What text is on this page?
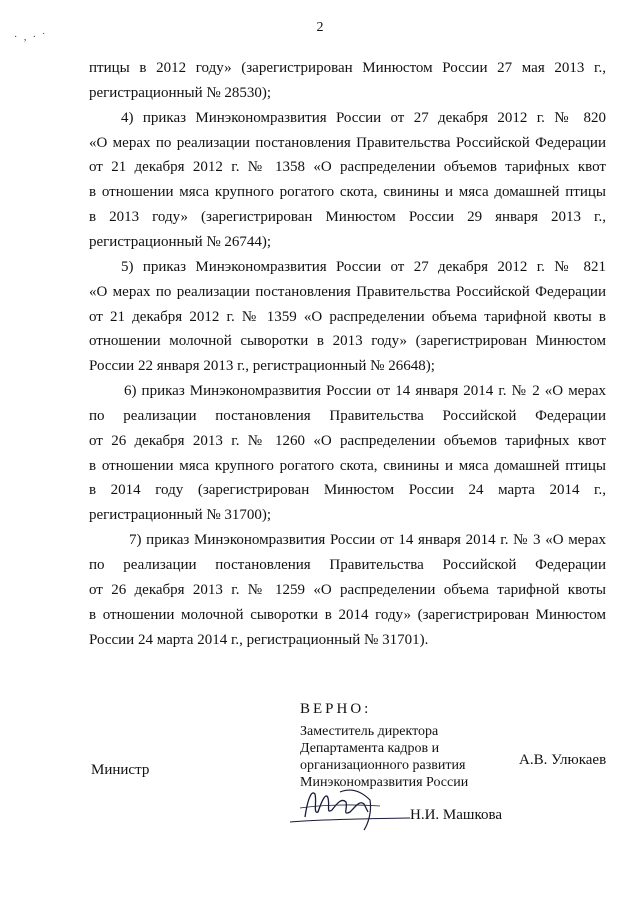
2
·‚·˙
птицы в 2012 году» (зарегистрирован Минюстом России 27 мая 2013 г.,
регистрационный № 28530);
4) приказ Минэкономразвития России от 27 декабря 2012 г. № 820
«О мерах по реализации постановления Правительства Российской Федерации
от 21 декабря 2012 г. № 1358 «О распределении объемов тарифных квот
в отношении мяса крупного рогатого скота, свинины и мяса домашней птицы
в 2013 году» (зарегистрирован Минюстом России 29 января 2013 г.,
регистрационный № 26744);
5) приказ Минэкономразвития России от 27 декабря 2012 г. № 821
«О мерах по реализации постановления Правительства Российской Федерации
от 21 декабря 2012 г. № 1359 «О распределении объема тарифной квоты в
отношении молочной сыворотки в 2013 году» (зарегистрирован Минюстом
России 22 января 2013 г., регистрационный № 26648);
6) приказ Минэкономразвития России от 14 января 2014 г. № 2 «О мерах
по реализации постановления Правительства Российской Федерации
от 26 декабря 2013 г. № 1260 «О распределении объемов тарифных квот
в отношении мяса крупного рогатого скота, свинины и мяса домашней птицы
в 2014 году (зарегистрирован Минюстом России 24 марта 2014 г.,
регистрационный № 31700);
7) приказ Минэкономразвития России от 14 января 2014 г. № 3 «О мерах
по реализации постановления Правительства Российской Федерации
от 26 декабря 2013 г. № 1259 «О распределении объема тарифной квоты
в отношении молочной сыворотки в 2014 году» (зарегистрирован Минюстом
России 24 марта 2014 г., регистрационный № 31701).
ВЕРНО:
Заместитель директора
Департамента кадров и
организационного развития
Минэкономразвития России
Министр
А.В. Улюкаев
Н.И. Машкова
